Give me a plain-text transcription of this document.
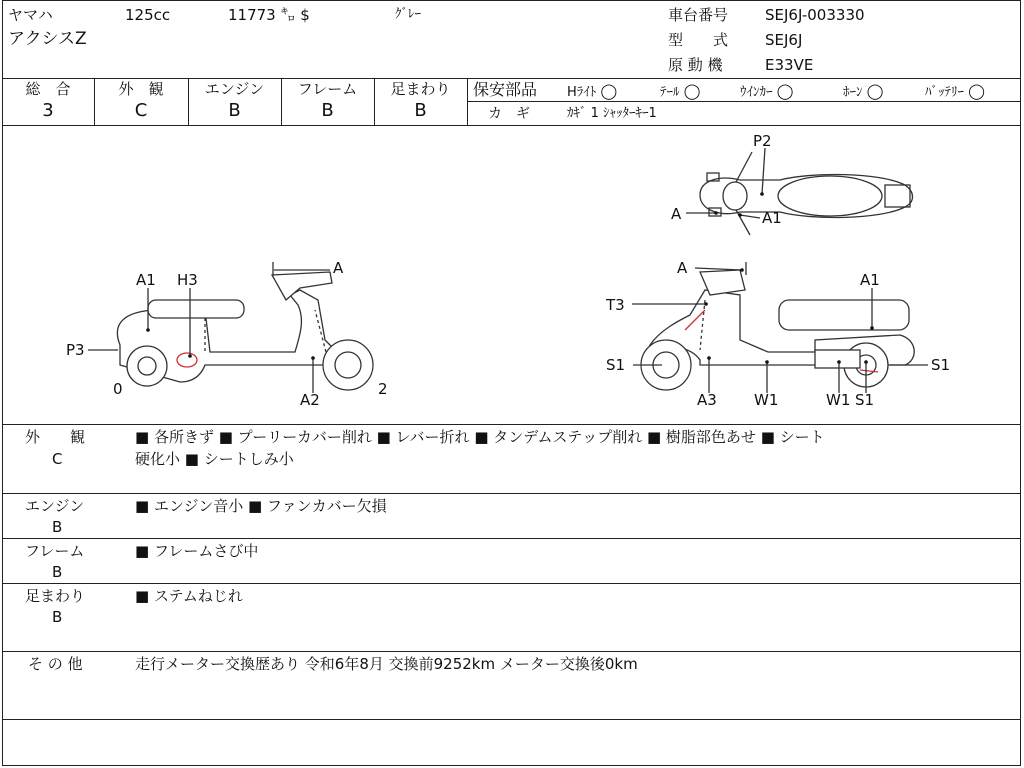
ヤマハ	125cc	11773 ㌔ $	ｸﾞﾚｰ
アクシスZ
車台番号 SEJ6J-003330
型　　式 SEJ6J
原 動 機	E33VE
総　合
3
外　観
C
エンジン
B
フレーム
B
足まわり
B
保安部品 Hﾗｲﾄ ◯	ﾃｰﾙ ◯	ｳｲﾝｶｰ ◯	ﾎｰﾝ ◯	ﾊﾞｯﾃﾘｰ ◯
カ　ギ	ｶｷﾞ 1 ｼｬｯﾀｰｷｰ1
A1 H3
A
P3
0	2
A2
P2
A	A1
A
A1
T3
S1	S1
A3 W1	W1 S1
外　　観
C
■ 各所きず ■ プーリーカバー削れ ■ レバー折れ ■ タンデムステップ削れ ■ 樹脂部色あせ ■ シート
硬化小 ■ シートしみ小
エンジン
B
■ エンジン音小 ■ ファンカバー欠損
フレーム
B
■ フレームさび中
足まわり
B
■ ステムねじれ
そ の 他	走行メーター交換歴あり 令和6年8月 交換前9252km メーター交換後0km
